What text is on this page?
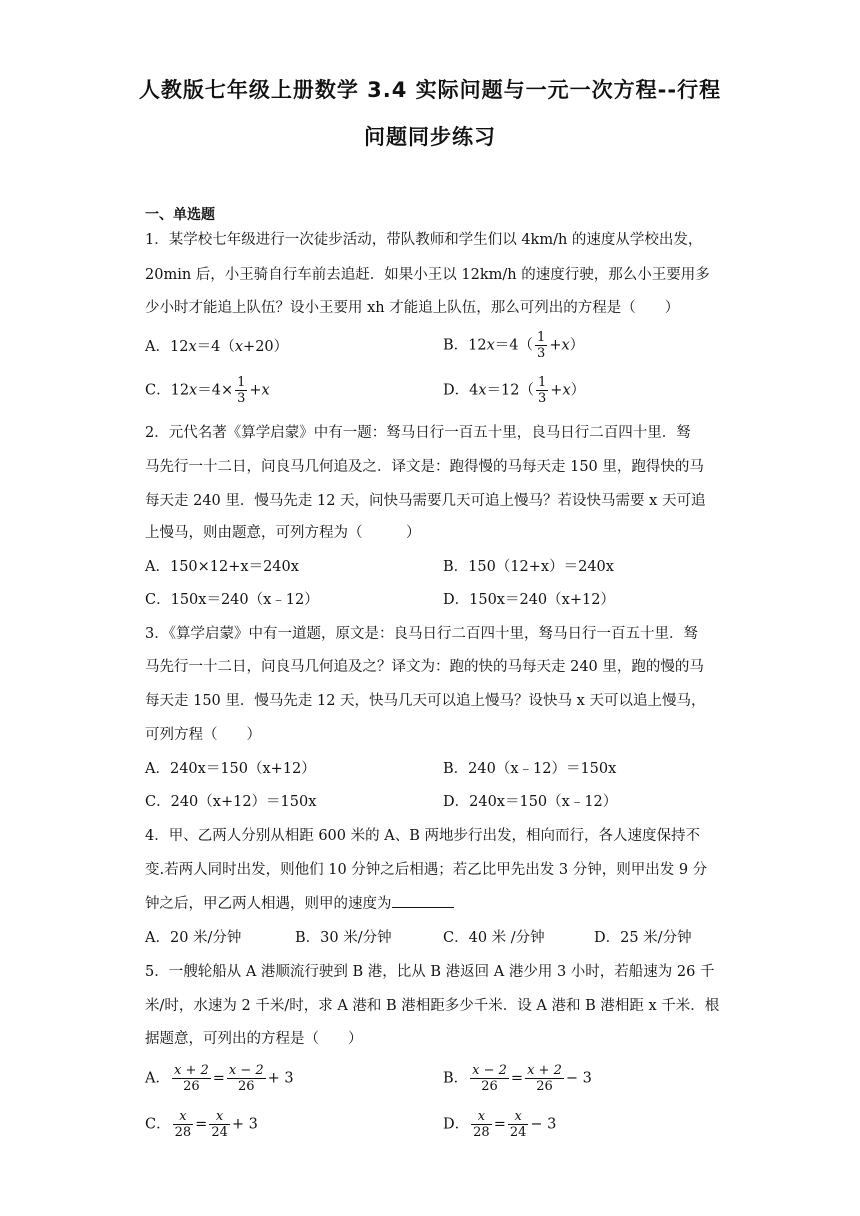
人教版七年级上册数学 3.4 实际问题与一元一次方程--行程
问题同步练习
一、单选题
1．某学校七年级进行一次徒步活动，带队教师和学生们以 4km/h 的速度从学校出发，
20min 后，小王骑自行车前去追赶．如果小王以 12km/h 的速度行驶，那么小王要用多
少小时才能追上队伍？设小王要用 xh 才能追上队伍，那么可列出的方程是（　　）
A．12x＝4（x+20）	B．$12x=4( \frac{1}{3} +x)$
C．$12x=4\times \frac{1}{3} +x$	D．$4x=12( \frac{1}{3} +x)$
2．元代名著《算学启蒙》中有一题：驽马日行一百五十里，良马日行二百四十里．驽
马先行一十二日，问良马几何追及之．译文是：跑得慢的马每天走 150 里，跑得快的马
每天走 240 里．慢马先走 12 天，问快马需要几天可追上慢马？若设快马需要 x 天可追
上慢马，则由题意，可列方程为（　　　）
A．150×12+x＝240x	B．150（12+x）＝240x
C．150x＝240（x﹣12）	D．150x＝240（x+12）
3．《算学启蒙》中有一道题，原文是：良马日行二百四十里，驽马日行一百五十里．驽
马先行一十二日，问良马几何追及之？译文为：跑的快的马每天走 240 里，跑的慢的马
每天走 150 里．慢马先走 12 天，快马几天可以追上慢马？设快马 x 天可以追上慢马，
可列方程（　　）
A．240x＝150（x+12）	B．240（x﹣12）＝150x
C．240（x+12）＝150x	D．240x＝150（x﹣12）
4．甲、乙两人分别从相距 600 米的 A、B 两地步行出发，相向而行，各人速度保持不
变.若两人同时出发，则他们 10 分钟之后相遇；若乙比甲先出发 3 分钟，则甲出发 9 分
钟之后，甲乙两人相遇，则甲的速度为
A．20 米/分钟	B．30 米/分钟	C．40 米 /分钟	D．25 米/分钟
5．一艘轮船从 A 港顺流行驶到 B 港，比从 B 港返回 A 港少用 3 小时，若船速为 26 千
米/时，水速为 2 千米/时，求 A 港和 B 港相距多少千米．设 A 港和 B 港相距 x 千米．根
据题意，可列出的方程是（　　）
A． $\frac{x + 2}{26} = \frac{x - 2}{26} + 3$	B． $\frac{x - 2}{26} = \frac{x + 2}{26} - 3$
C． $\frac{x}{28} = \frac{x}{24} + 3$	D． $\frac{x}{28} = \frac{x}{24} - 3$
